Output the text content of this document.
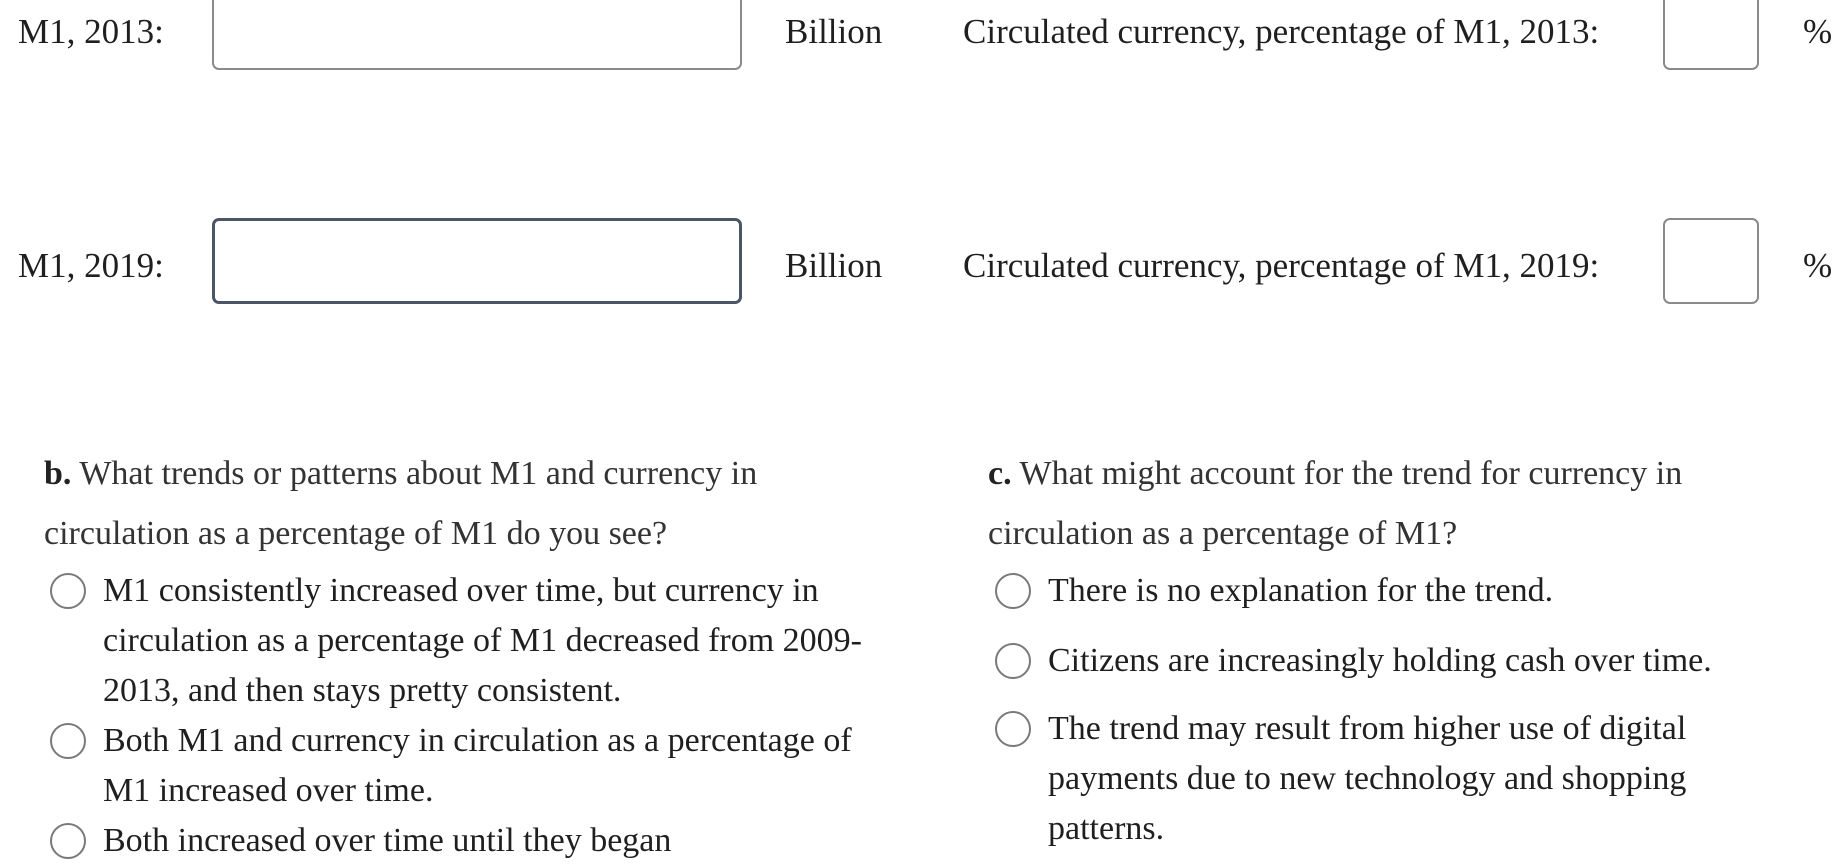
M1, 2013:	Billion Circulated currency, percentage of M1, 2013:	%
M1, 2019:	Billion Circulated currency, percentage of M1, 2019:	%
b. What trends or patterns about M1 and currency in circulation as a percentage of M1 do you see?
M1 consistently increased over time, but currency in circulation as a percentage of M1 decreased from 2009-2013, and then stays pretty consistent.
Both M1 and currency in circulation as a percentage of M1 increased over time.
Both increased over time until they began
c. What might account for the trend for currency in circulation as a percentage of M1?
There is no explanation for the trend.
Citizens are increasingly holding cash over time.
The trend may result from higher use of digital payments due to new technology and shopping patterns.
